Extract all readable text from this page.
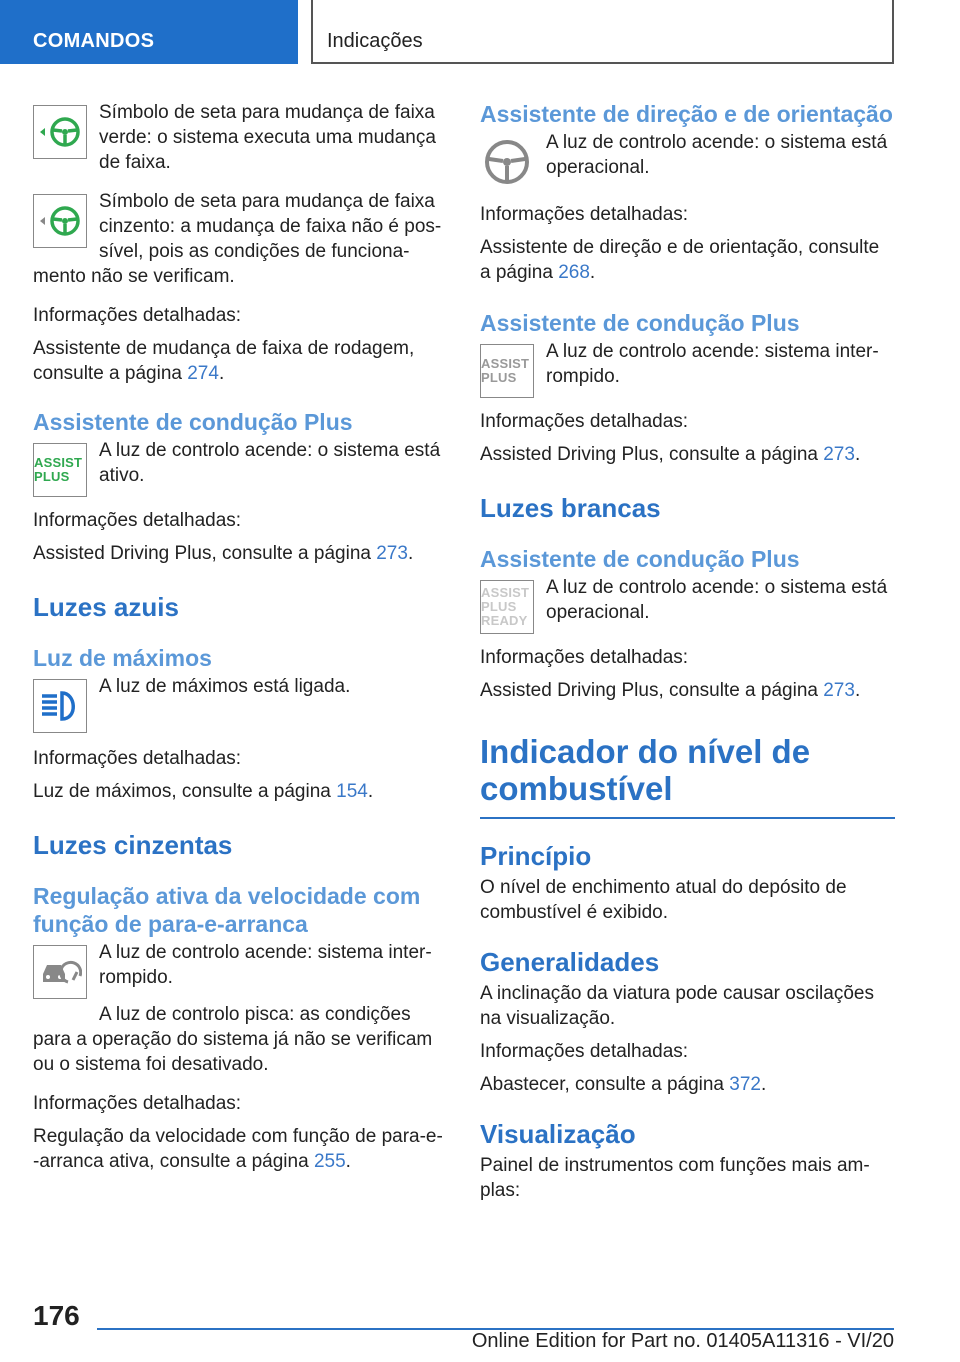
COMANDOS	Indicações

Símbolo de seta para mudança de faixa verde: o sistema executa uma mudança de faixa.

Símbolo de seta para mudança de faixa cinzento: a mudança de faixa não é pos-sível, pois as condições de funciona-

mento não se verificam.

Informações detalhadas:

Assistente de mudança de faixa de rodagem, consulte a página 274.

Assistente de condução Plus
ASSIST PLUS

A luz de controlo acende: o sistema está ativo.

Informações detalhadas:

Assisted Driving Plus, consulte a página 273.

Luzes azuis
Luz de máximos

A luz de máximos está ligada.

Informações detalhadas:

Luz de máximos, consulte a página 154.

Luzes cinzentas
Regulação ativa da velocidade com função de para-e-arranca

A luz de controlo acende: sistema inter-rompido.

A luz de controlo pisca: as condições

para a operação do sistema já não se verificam ou o sistema foi desativado.

Informações detalhadas:

Regulação da velocidade com função de para-e--arranca ativa, consulte a página 255.

Assistente de direção e de orientação

A luz de controlo acende: o sistema está operacional.

Informações detalhadas:

Assistente de direção e de orientação, consulte a página 268.

Assistente de condução Plus
ASSIST PLUS

A luz de controlo acende: sistema inter-rompido.

Informações detalhadas:

Assisted Driving Plus, consulte a página 273.

Luzes brancas
Assistente de condução Plus
ASSIST PLUS READY

A luz de controlo acende: o sistema está operacional.

Informações detalhadas:

Assisted Driving Plus, consulte a página 273.

Indicador do nível de combustível
Princípio

O nível de enchimento atual do depósito de combustível é exibido.

Generalidades

A inclinação da viatura pode causar oscilações na visualização.

Informações detalhadas:

Abastecer, consulte a página 372.

Visualização

Painel de instrumentos com funções mais am-plas:

176
Online Edition for Part no. 01405A11316 - VI/20
